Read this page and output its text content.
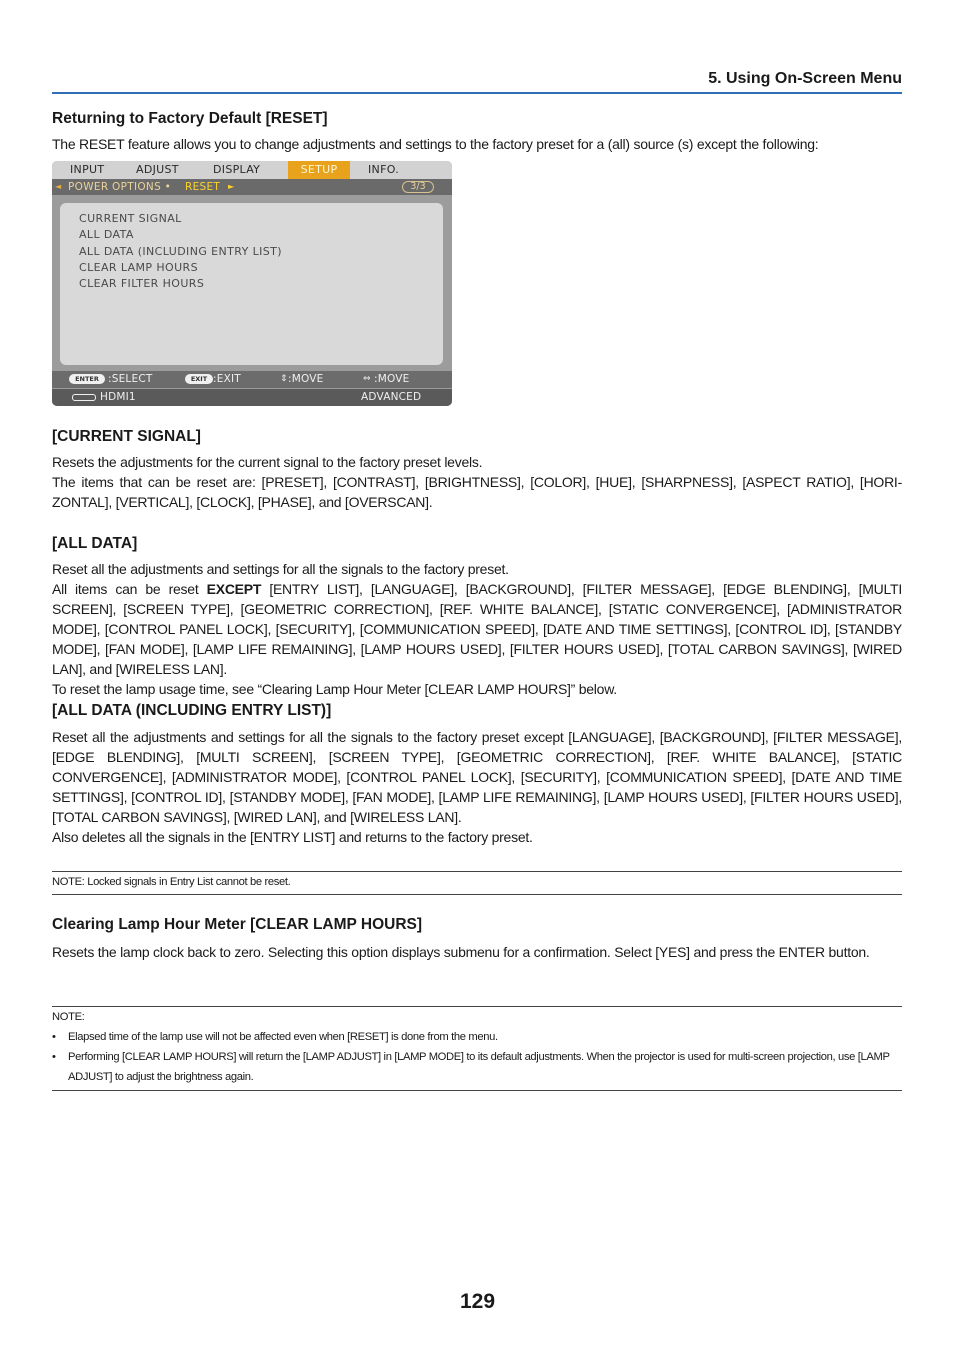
5. Using On-Screen Menu
Returning to Factory Default [RESET]
The RESET feature allows you to change adjustments and settings to the factory preset for a (all) source (s) except the following:
INPUT	ADJUST	DISPLAY	SETUP	INFO.
◄ POWER OPTIONS • RESET ►	3/3
CURRENT SIGNAL
ALL DATA
ALL DATA (INCLUDING ENTRY LIST)
CLEAR LAMP HOURS
CLEAR FILTER HOURS
ENTER :SELECT	EXIT :EXIT	⇕ :MOVE	⇔ :MOVE
HDMI1	ADVANCED
[CURRENT SIGNAL]

Resets the adjustments for the current signal to the factory preset levels.

The items that can be reset are: [PRESET], [CONTRAST], [BRIGHTNESS], [COLOR], [HUE], [SHARPNESS], [ASPECT RATIO], [HORI-ZONTAL], [VERTICAL], [CLOCK], [PHASE], and [OVERSCAN].

[ALL DATA]

Reset all the adjustments and settings for all the signals to the factory preset.

All items can be reset EXCEPT [ENTRY LIST], [LANGUAGE], [BACKGROUND], [FILTER MESSAGE], [EDGE BLENDING], [MULTI SCREEN], [SCREEN TYPE], [GEOMETRIC CORRECTION], [REF. WHITE BALANCE], [STATIC CONVERGENCE], [ADMINISTRATOR MODE], [CONTROL PANEL LOCK], [SECURITY], [COMMUNICATION SPEED], [DATE AND TIME SETTINGS], [CONTROL ID], [STANDBY MODE], [FAN MODE], [LAMP LIFE REMAINING], [LAMP HOURS USED], [FILTER HOURS USED], [TOTAL CARBON SAVINGS], [WIRED LAN], and [WIRELESS LAN].

To reset the lamp usage time, see “Clearing Lamp Hour Meter [CLEAR LAMP HOURS]” below.

[ALL DATA (INCLUDING ENTRY LIST)]

Reset all the adjustments and settings for all the signals to the factory preset except [LANGUAGE], [BACKGROUND], [FILTER MESSAGE], [EDGE BLENDING], [MULTI SCREEN], [SCREEN TYPE], [GEOMETRIC CORRECTION], [REF. WHITE BALANCE], [STATIC CONVERGENCE], [ADMINISTRATOR MODE], [CONTROL PANEL LOCK], [SECURITY], [COMMUNICATION SPEED], [DATE AND TIME SETTINGS], [CONTROL ID], [STANDBY MODE], [FAN MODE], [LAMP LIFE REMAINING], [LAMP HOURS USED], [FILTER HOURS USED], [TOTAL CARBON SAVINGS], [WIRED LAN], and [WIRELESS LAN].

Also deletes all the signals in the [ENTRY LIST] and returns to the factory preset.

NOTE: Locked signals in Entry List cannot be reset.
Clearing Lamp Hour Meter [CLEAR LAMP HOURS]
Resets the lamp clock back to zero. Selecting this option displays submenu for a confirmation. Select [YES] and press the ENTER button.
NOTE:
• Elapsed time of the lamp use will not be affected even when [RESET] is done from the menu.
• Performing [CLEAR LAMP HOURS] will return the [LAMP ADJUST] in [LAMP MODE] to its default adjustments. When the projector is used for multi-screen projection, use [LAMP ADJUST] to adjust the brightness again.
129
